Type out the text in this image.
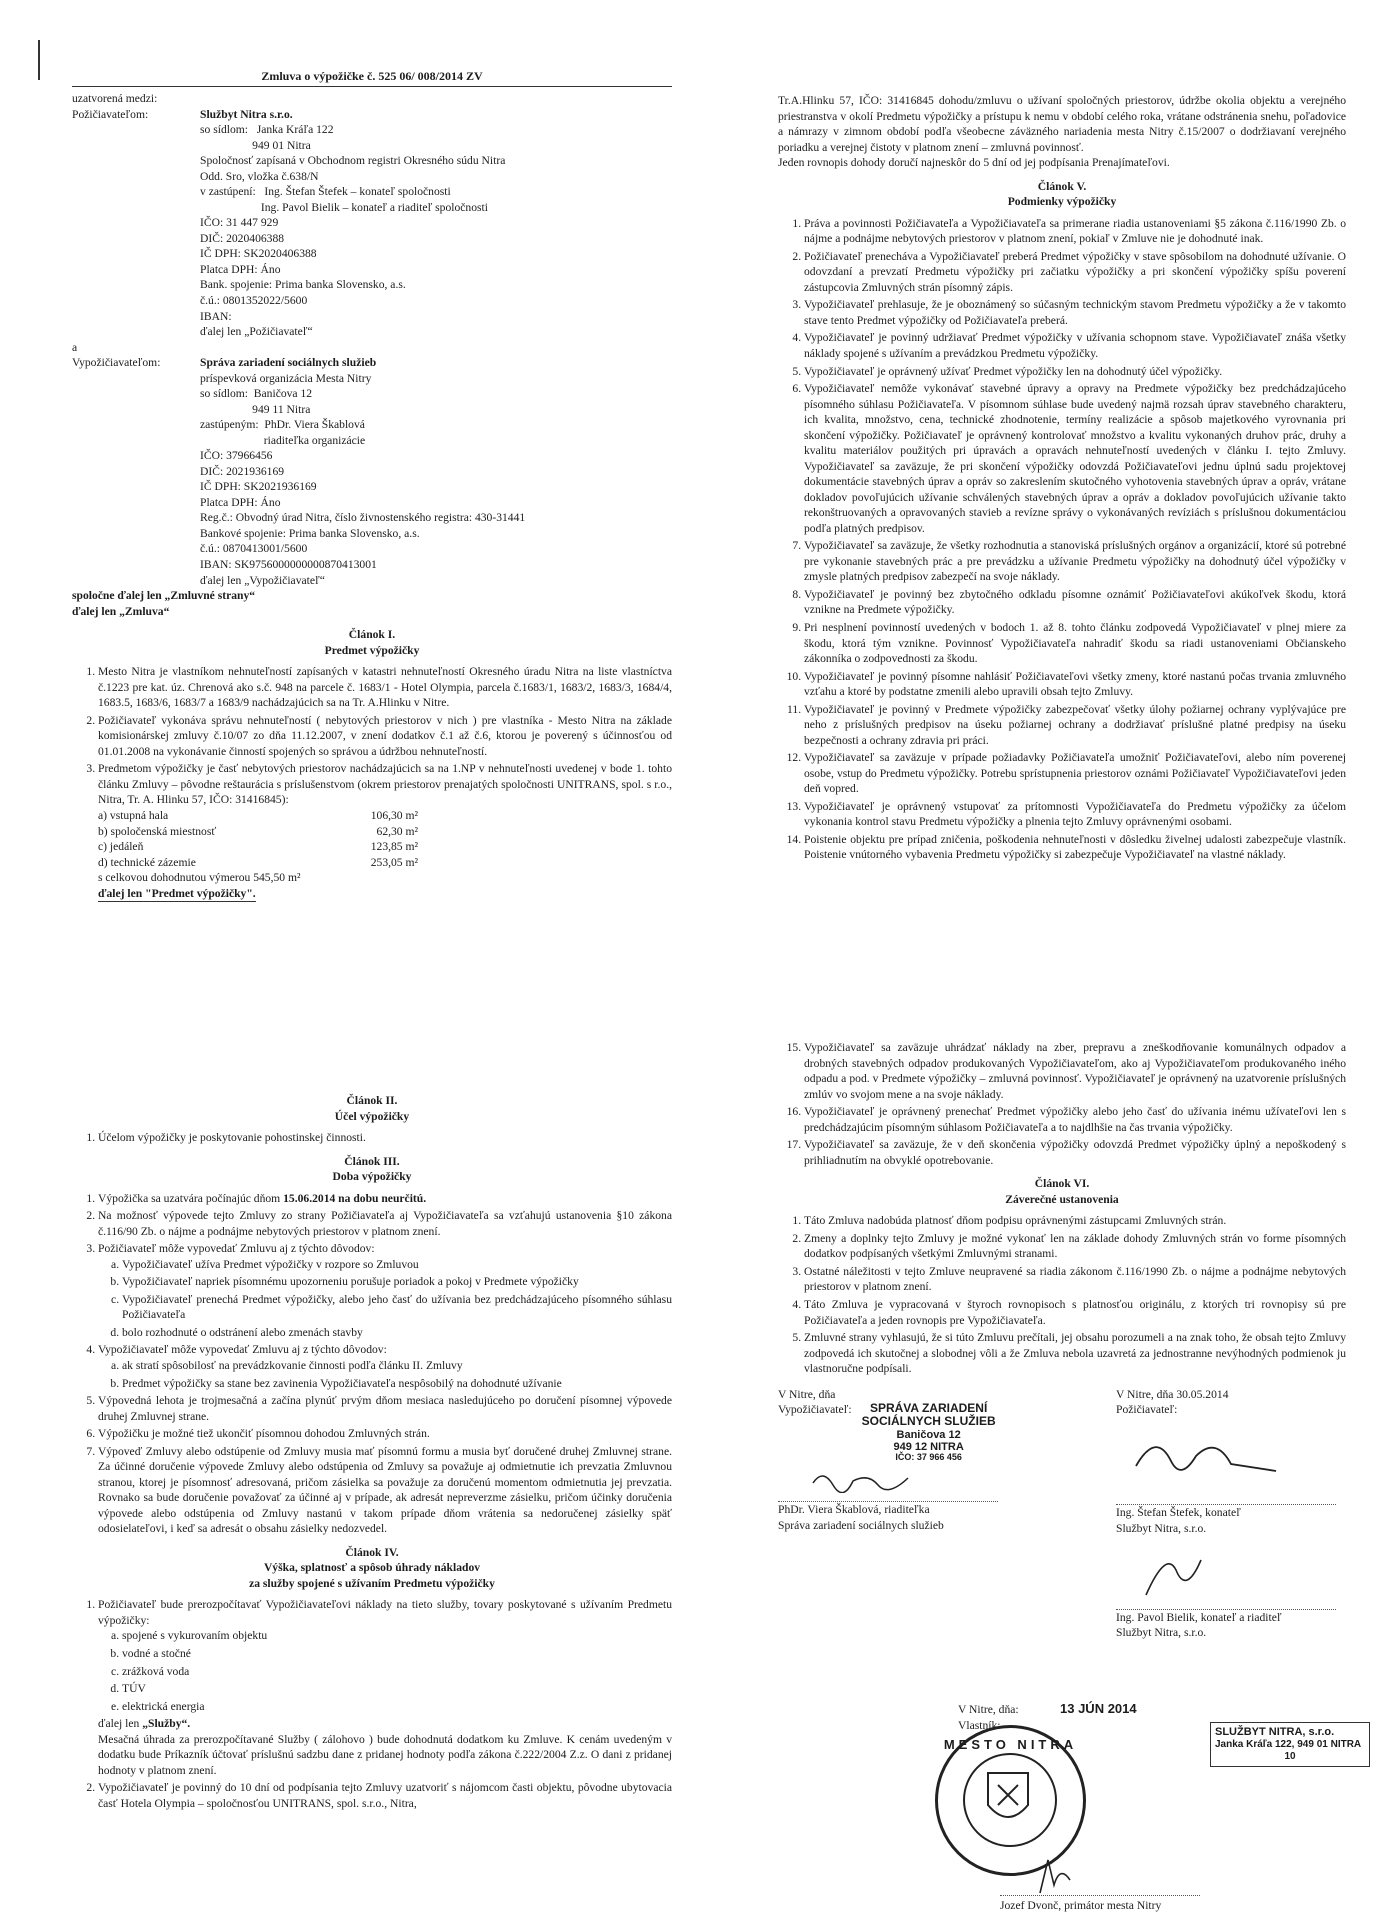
Zmluva o výpožičke č. 525 06/ 008/2014 ZV
uzatvorená medzi:
Požičiavateľom:	Službyt Nitra s.r.o.
so sídlom:   Janka Kráľa 122
949 01 Nitra
Spoločnosť zapísaná v Obchodnom registri Okresného súdu Nitra
Odd. Sro, vložka č.638/N
v zastúpení:   Ing. Štefan Štefek – konateľ spoločnosti
Ing. Pavol Bielik – konateľ a riaditeľ spoločnosti
IČO: 31 447 929
DIČ: 2020406388
IČ DPH: SK2020406388
Platca DPH: Áno
Bank. spojenie: Prima banka Slovensko, a.s.
č.ú.: 0801352022/5600
IBAN:
ďalej len „Požičiavateľ“
a
Vypožičiavateľom:	Správa zariadení sociálnych služieb
príspevková organizácia Mesta Nitry
so sídlom:  Baničova 12
949 11 Nitra
zastúpeným:  PhDr. Viera Škablová
riaditeľka organizácie
IČO: 37966456
DIČ: 2021936169
IČ DPH: SK2021936169
Platca DPH: Áno
Reg.č.: Obvodný úrad Nitra, číslo živnostenského registra: 430-31441
Bankové spojenie: Prima banka Slovensko, a.s.
č.ú.: 0870413001/5600
IBAN: SK9756000000000870413001
ďalej len „Vypožičiavateľ“
spoločne ďalej len „Zmluvné strany“
ďalej len „Zmluva“
Článok I.
Predmet výpožičky
1. Mesto Nitra je vlastníkom nehnuteľností zapísaných v katastri nehnuteľností Okresného úradu Nitra na liste vlastníctva č.1223 pre kat. úz. Chrenová ako s.č. 948 na parcele č. 1683/1 - Hotel Olympia, parcela č.1683/1, 1683/2, 1683/3, 1684/4, 1683.5, 1683/6, 1683/7 a 1683/9 nachádzajúcich sa na Tr. A.Hlinku v Nitre.
2. Požičiavateľ vykonáva správu nehnuteľností ( nebytových priestorov v nich ) pre vlastníka - Mesto Nitra na základe komisionárskej zmluvy č.10/07 zo dňa 11.12.2007, v znení dodatkov č.1 až č.6, ktorou je poverený s účinnosťou od 01.01.2008 na vykonávanie činností spojených so správou a údržbou nehnuteľností.
3. Predmetom výpožičky je časť nebytových priestorov nachádzajúcich sa na 1.NP v nehnuteľnosti uvedenej v bode 1. tohto článku Zmluvy – pôvodne reštaurácia s príslušenstvom (okrem priestorov prenajatých spoločnosti UNITRANS, spol. s r.o., Nitra, Tr. A. Hlinku 57, IČO: 31416845):
a) vstupná hala	106,30 m²
b) spoločenská miestnosť	62,30 m²
c) jedáleň	123,85 m²
d) technické zázemie	253,05 m²
s celkovou dohodnutou výmerou 545,50 m²
ďalej len "Predmet výpožičky".

Tr.A.Hlinku 57, IČO: 31416845 dohodu/zmluvu o užívaní spoločných priestorov, údržbe okolia objektu a verejného priestranstva v okolí Predmetu výpožičky a prístupu k nemu v období celého roka, vrátane odstránenia snehu, poľadovice a námrazy v zimnom období podľa všeobecne záväzného nariadenia mesta Nitry č.15/2007 o dodržiavaní verejného poriadku a verejnej čistoty v platnom znení – zmluvná povinnosť.

Jeden rovnopis dohody doručí najneskôr do 5 dní od jej podpísania Prenajímateľovi.

Článok V.
Podmienky výpožičky
1. Práva a povinnosti Požičiavateľa a Vypožičiavateľa sa primerane riadia ustanoveniami §5 zákona č.116/1990 Zb. o nájme a podnájme nebytových priestorov v platnom znení, pokiaľ v Zmluve nie je dohodnuté inak.
2. Požičiavateľ prenecháva a Vypožičiavateľ preberá Predmet výpožičky v stave spôsobilom na dohodnuté užívanie. O odovzdaní a prevzatí Predmetu výpožičky pri začiatku výpožičky a pri skončení výpožičky spíšu poverení zástupcovia Zmluvných strán písomný zápis.
3. Vypožičiavateľ prehlasuje, že je oboznámený so súčasným technickým stavom Predmetu výpožičky a že v takomto stave tento Predmet výpožičky od Požičiavateľa preberá.
4. Vypožičiavateľ je povinný udržiavať Predmet výpožičky v užívania schopnom stave. Vypožičiavateľ znáša všetky náklady spojené s užívaním a prevádzkou Predmetu výpožičky.
5. Vypožičiavateľ je oprávnený užívať Predmet výpožičky len na dohodnutý účel výpožičky.
6. Vypožičiavateľ nemôže vykonávať stavebné úpravy a opravy na Predmete výpožičky bez predchádzajúceho písomného súhlasu Požičiavateľa. V písomnom súhlase bude uvedený najmä rozsah úprav stavebného charakteru, ich kvalita, množstvo, cena, technické zhodnotenie, termíny realizácie a spôsob majetkového vyrovnania pri skončení výpožičky. Požičiavateľ je oprávnený kontrolovať množstvo a kvalitu vykonaných druhov prác, druhy a kvalitu materiálov použitých pri úpravách a opravách nehnuteľností uvedených v článku I. tejto Zmluvy. Vypožičiavateľ sa zaväzuje, že pri skončení výpožičky odovzdá Požičiavateľovi jednu úplnú sadu projektovej dokumentácie stavebných úprav a opráv so zakreslením skutočného vyhotovenia stavebných úprav a opráv, vrátane dokladov povoľujúcich užívanie schválených stavebných úprav a opráv a dokladov povoľujúcich užívanie takto rekonštruovaných a opravovaných stavieb a revízne správy o vykonávaných revíziách s príslušnou dokumentáciou podľa platných predpisov.
7. Vypožičiavateľ sa zaväzuje, že všetky rozhodnutia a stanoviská príslušných orgánov a organizácií, ktoré sú potrebné pre vykonanie stavebných prác a pre prevádzku a užívanie Predmetu výpožičky na dohodnutý účel výpožičky v zmysle platných predpisov zabezpečí na svoje náklady.
8. Vypožičiavateľ je povinný bez zbytočného odkladu písomne oznámiť Požičiavateľovi akúkoľvek škodu, ktorá vznikne na Predmete výpožičky.
9. Pri nesplnení povinností uvedených v bodoch 1. až 8. tohto článku zodpovedá Vypožičiavateľ v plnej miere za škodu, ktorá tým vznikne. Povinnosť Vypožičiavateľa nahradiť škodu sa riadi ustanoveniami Občianskeho zákonníka o zodpovednosti za škodu.
10. Vypožičiavateľ je povinný písomne nahlásiť Požičiavateľovi všetky zmeny, ktoré nastanú počas trvania zmluvného vzťahu a ktoré by podstatne zmenili alebo upravili obsah tejto Zmluvy.
11. Vypožičiavateľ je povinný v Predmete výpožičky zabezpečovať všetky úlohy požiarnej ochrany vyplývajúce pre neho z príslušných predpisov na úseku požiarnej ochrany a dodržiavať príslušné platné predpisy na úseku bezpečnosti a ochrany zdravia pri práci.
12. Vypožičiavateľ sa zaväzuje v prípade požiadavky Požičiavateľa umožniť Požičiavateľovi, alebo ním poverenej osobe, vstup do Predmetu výpožičky. Potrebu sprístupnenia priestorov oznámi Požičiavateľ Vypožičiavateľovi jeden deň vopred.
13. Vypožičiavateľ je oprávnený vstupovať za prítomnosti Vypožičiavateľa do Predmetu výpožičky za účelom vykonania kontrol stavu Predmetu výpožičky a plnenia tejto Zmluvy oprávnenými osobami.
14. Poistenie objektu pre prípad zničenia, poškodenia nehnuteľnosti v dôsledku živelnej udalosti zabezpečuje vlastník. Poistenie vnútorného vybavenia Predmetu výpožičky si zabezpečuje Vypožičiavateľ na vlastné náklady.
Článok II.
Účel výpožičky
1. Účelom výpožičky je poskytovanie pohostinskej činnosti.
Článok III.
Doba výpožičky
1. Výpožička sa uzatvára počínajúc dňom 15.06.2014 na dobu neurčitú.
2. Na možnosť výpovede tejto Zmluvy zo strany Požičiavateľa aj Vypožičiavateľa sa vzťahujú ustanovenia §10 zákona č.116/90 Zb. o nájme a podnájme nebytových priestorov v platnom znení.
3. Požičiavateľ môže vypovedať Zmluvu aj z týchto dôvodov:
a. Vypožičiavateľ užíva Predmet výpožičky v rozpore so Zmluvou
b. Vypožičiavateľ napriek písomnému upozorneniu porušuje poriadok a pokoj v Predmete výpožičky
c. Vypožičiavateľ prenechá Predmet výpožičky, alebo jeho časť do užívania bez predchádzajúceho písomného súhlasu Požičiavateľa
d. bolo rozhodnuté o odstránení alebo zmenách stavby
4. Vypožičiavateľ môže vypovedať Zmluvu aj z týchto dôvodov:
a. ak stratí spôsobilosť na prevádzkovanie činnosti podľa článku II. Zmluvy
b. Predmet výpožičky sa stane bez zavinenia Vypožičiavateľa nespôsobilý na dohodnuté užívanie
5. Výpovedná lehota je trojmesačná a začína plynúť prvým dňom mesiaca nasledujúceho po doručení písomnej výpovede druhej Zmluvnej strane.
6. Výpožičku je možné tiež ukončiť písomnou dohodou Zmluvných strán.
7. Výpoveď Zmluvy alebo odstúpenie od Zmluvy musia mať písomnú formu a musia byť doručené druhej Zmluvnej strane. Za účinné doručenie výpovede Zmluvy alebo odstúpenia od Zmluvy sa považuje aj odmietnutie ich prevzatia Zmluvnou stranou, ktorej je písomnosť adresovaná, pričom zásielka sa považuje za doručenú momentom odmietnutia jej prevzatia. Rovnako sa bude doručenie považovať za účinné aj v prípade, ak adresát nepreverzme zásielku, pričom účinky doručenia výpovede alebo odstúpenia od Zmluvy nastanú v takom prípade dňom vrátenia sa nedoručenej zásielky späť odosielateľovi, i keď sa adresát o obsahu zásielky nedozvedel.
Článok IV.
Výška, splatnosť a spôsob úhrady nákladov
za služby spojené s užívaním Predmetu výpožičky
1. Požičiavateľ bude prerozpočítavať Vypožičiavateľovi náklady na tieto služby, tovary poskytované s užívaním Predmetu výpožičky:
a. spojené s vykurovaním objektu
b. vodné a stočné
c. zrážková voda
d. TÚV
e. elektrická energia
ďalej len „Služby“.
Mesačná úhrada za prerozpočítavané Služby ( zálohovo ) bude dohodnutá dodatkom ku Zmluve. K cenám uvedeným v dodatku bude Príkazník účtovať príslušnú sadzbu dane z pridanej hodnoty podľa zákona č.222/2004 Z.z. O dani z pridanej hodnoty v platnom znení.
2. Vypožičiavateľ je povinný do 10 dní od podpísania tejto Zmluvy uzatvoriť s nájomcom časti objektu, pôvodne ubytovacia časť Hotela Olympia – spoločnosťou UNITRANS, spol. s.r.o., Nitra,
15. Vypožičiavateľ sa zaväzuje uhrádzať náklady na zber, prepravu a zneškodňovanie komunálnych odpadov a drobných stavebných odpadov produkovaných Vypožičiavateľom, ako aj Vypožičiavateľom produkovaného iného odpadu a pod. v Predmete výpožičky – zmluvná povinnosť. Vypožičiavateľ je oprávnený na uzatvorenie príslušných zmlúv vo svojom mene a na svoje náklady.
16. Vypožičiavateľ je oprávnený prenechať Predmet výpožičky alebo jeho časť do užívania inému užívateľovi len s predchádzajúcim písomným súhlasom Požičiavateľa a to najdlhšie na čas trvania výpožičky.
17. Vypožičiavateľ sa zaväzuje, že v deň skončenia výpožičky odovzdá Predmet výpožičky úplný a nepoškodený s prihliadnutím na obvyklé opotrebovanie.
Článok VI.
Záverečné ustanovenia
1. Táto Zmluva nadobúda platnosť dňom podpisu oprávnenými zástupcami Zmluvných strán.
2. Zmeny a doplnky tejto Zmluvy je možné vykonať len na základe dohody Zmluvných strán vo forme písomných dodatkov podpísaných všetkými Zmluvnými stranami.
3. Ostatné náležitosti v tejto Zmluve neupravené sa riadia zákonom č.116/1990 Zb. o nájme a podnájme nebytových priestorov v platnom znení.
4. Táto Zmluva je vypracovaná v štyroch rovnopisoch s platnosťou originálu, z ktorých tri rovnopisy sú pre Požičiavateľa a jeden rovnopis pre Vypožičiavateľa.
5. Zmluvné strany vyhlasujú, že si túto Zmluvu prečítali, jej obsahu porozumeli a na znak toho, že obsah tejto Zmluvy zodpovedá ich skutočnej a slobodnej vôli a že Zmluva nebola uzavretá za jednostranne nevýhodných podmienok ju vlastnoručne podpísali.
V Nitre, dňa
Vypožičiavateľ:	SPRÁVA ZARIADENÍ
SOCIÁLNYCH SLUŽIEB
Baničova 12
949 12 NITRA
IČO: 37 966 456
PhDr. Viera Škablová, riaditeľka
Správa zariadení sociálnych služieb
V Nitre, dňa 30.05.2014
Požičiavateľ:
Ing. Štefan Štefek, konateľ
Službyt Nitra, s.r.o.
Ing. Pavol Bielik, konateľ a riaditeľ
Službyt Nitra, s.r.o.
V Nitre, dňa:
Vlastník:
13 JÚN 2014
SLUŽBYT NITRA, s.r.o.
Janka Kráľa 122, 949 01 NITRA
10
MESTO NITRA
Jozef Dvonč, primátor mesta Nitry
